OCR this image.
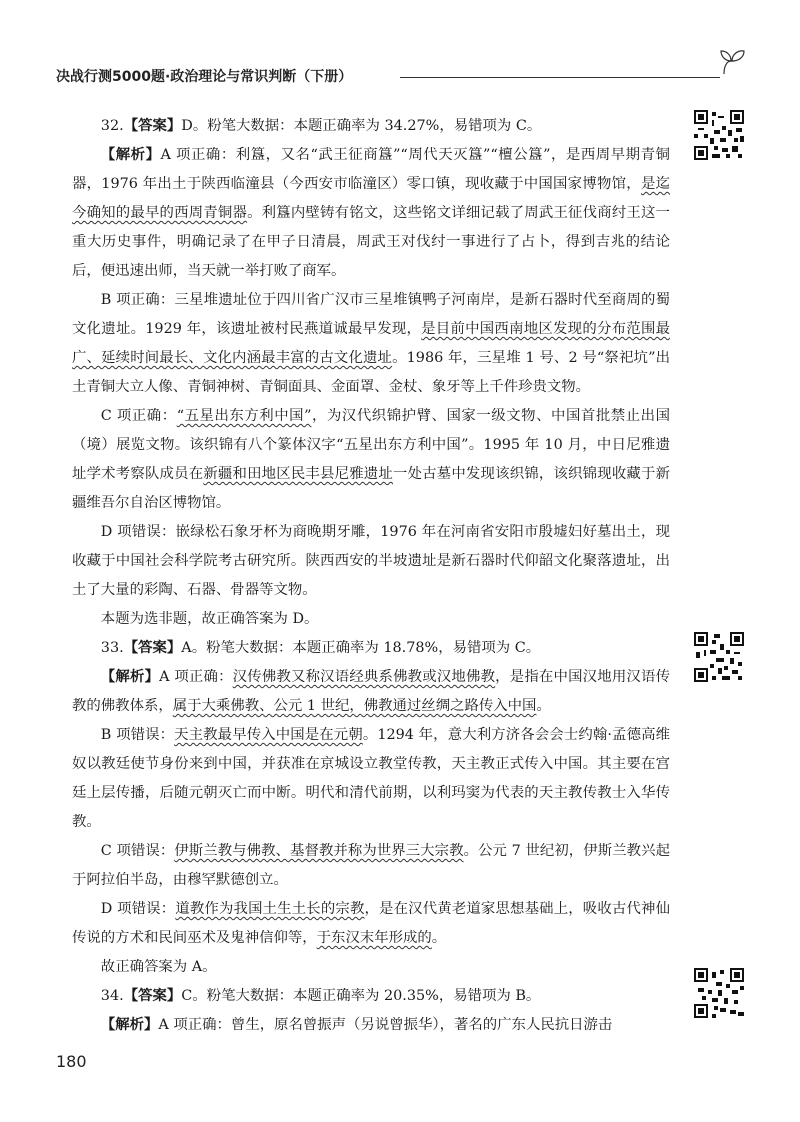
决战行测5000题·政治理论与常识判断（下册）

32.【答案】D。粉笔大数据：本题正确率为 34.27%，易错项为 C。

【解析】A 项正确：利簋，又名“武王征商簋”“周代天灭簋”“檀公簋”，是西周早期青铜器，1976 年出土于陕西临潼县（今西安市临潼区）零口镇，现收藏于中国国家博物馆，是迄今确知的最早的西周青铜器。利簋内壁铸有铭文，这些铭文详细记载了周武王征伐商纣王这一重大历史事件，明确记录了在甲子日清晨，周武王对伐纣一事进行了占卜，得到吉兆的结论后，便迅速出师，当天就一举打败了商军。

B 项正确：三星堆遗址位于四川省广汉市三星堆镇鸭子河南岸，是新石器时代至商周的蜀文化遗址。1929 年，该遗址被村民燕道诚最早发现，是目前中国西南地区发现的分布范围最广、延续时间最长、文化内涵最丰富的古文化遗址。1986 年，三星堆 1 号、2 号“祭祀坑”出土青铜大立人像、青铜神树、青铜面具、金面罩、金杖、象牙等上千件珍贵文物。

C 项正确：“五星出东方利中国”，为汉代织锦护臂、国家一级文物、中国首批禁止出国（境）展览文物。该织锦有八个篆体汉字“五星出东方利中国”。1995 年 10 月，中日尼雅遗址学术考察队成员在新疆和田地区民丰县尼雅遗址一处古墓中发现该织锦，该织锦现收藏于新疆维吾尔自治区博物馆。

D 项错误：嵌绿松石象牙杯为商晚期牙雕，1976 年在河南省安阳市殷墟妇好墓出土，现收藏于中国社会科学院考古研究所。陕西西安的半坡遗址是新石器时代仰韶文化聚落遗址，出土了大量的彩陶、石器、骨器等文物。

本题为选非题，故正确答案为 D。

33.【答案】A。粉笔大数据：本题正确率为 18.78%，易错项为 C。

【解析】A 项正确：汉传佛教又称汉语经典系佛教或汉地佛教，是指在中国汉地用汉语传教的佛教体系，属于大乘佛教、公元 1 世纪，佛教通过丝绸之路传入中国。

B 项错误：天主教最早传入中国是在元朝。1294 年，意大利方济各会会士约翰·孟德高维奴以教廷使节身份来到中国，并获准在京城设立教堂传教，天主教正式传入中国。其主要在宫廷上层传播，后随元朝灭亡而中断。明代和清代前期，以利玛窦为代表的天主教传教士入华传教。

C 项错误：伊斯兰教与佛教、基督教并称为世界三大宗教。公元 7 世纪初，伊斯兰教兴起于阿拉伯半岛，由穆罕默德创立。

D 项错误：道教作为我国土生土长的宗教，是在汉代黄老道家思想基础上，吸收古代神仙传说的方术和民间巫术及鬼神信仰等，于东汉末年形成的。

故正确答案为 A。

34.【答案】C。粉笔大数据：本题正确率为 20.35%，易错项为 B。

【解析】A 项正确：曾生，原名曾振声（另说曾振华），著名的广东人民抗日游击

180
